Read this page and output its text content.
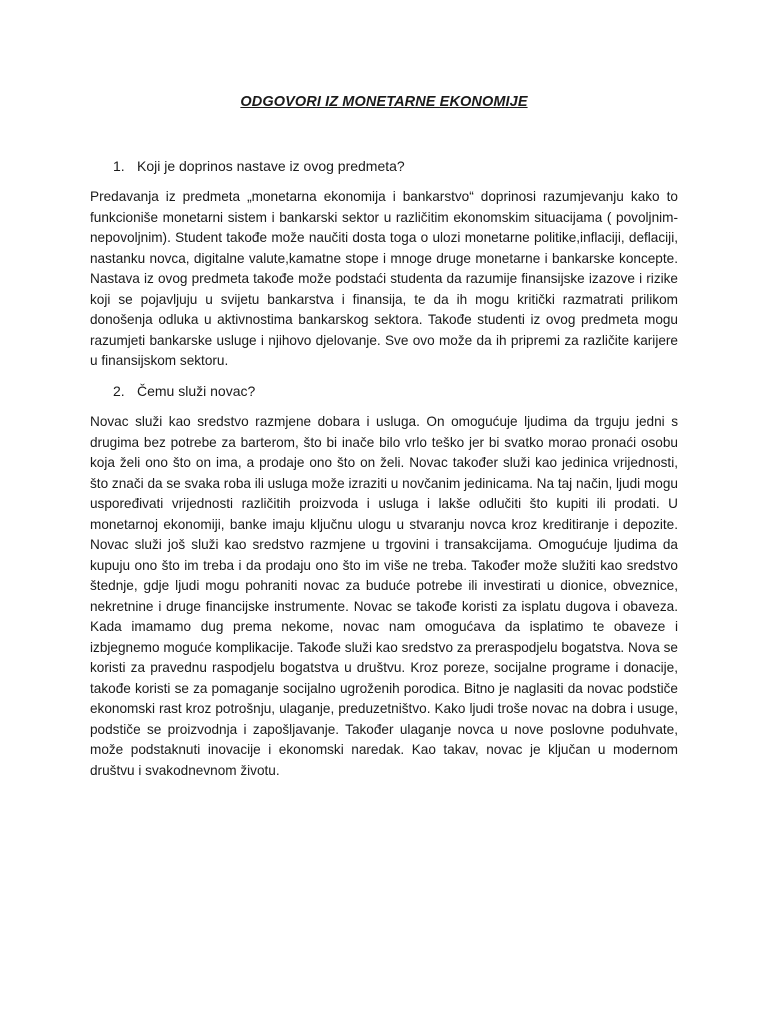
ODGOVORI IZ MONETARNE EKONOMIJE
1. Koji je doprinos nastave iz ovog predmeta?

Predavanja iz predmeta „monetarna ekonomija i bankarstvo“ doprinosi razumjevanju kako to funkcioniše monetarni sistem i bankarski sektor u različitim ekonomskim situacijama ( povoljnim-nepovoljnim). Student takođe može naučiti dosta toga o ulozi monetarne politike,inflaciji, deflaciji, nastanku novca, digitalne valute,kamatne stope i mnoge druge monetarne i bankarske koncepte. Nastava iz ovog predmeta takođe može podstaći studenta da razumije finansijske izazove i rizike koji se pojavljuju u svijetu bankarstva i finansija, te da ih mogu kritički razmatrati prilikom donošenja odluka u aktivnostima bankarskog sektora. Takođe studenti iz ovog predmeta mogu razumjeti bankarske usluge i njihovo djelovanje. Sve ovo može da ih pripremi za različite karijere u finansijskom sektoru.

2. Čemu služi novac?

Novac služi kao sredstvo razmjene dobara i usluga. On omogućuje ljudima da trguju jedni s drugima bez potrebe za barterom, što bi inače bilo vrlo teško jer bi svatko morao pronaći osobu koja želi ono što on ima, a prodaje ono što on želi. Novac također služi kao jedinica vrijednosti, što znači da se svaka roba ili usluga može izraziti u novčanim jedinicama. Na taj način, ljudi mogu uspoređivati vrijednosti različitih proizvoda i usluga i lakše odlučiti što kupiti ili prodati. U monetarnoj ekonomiji, banke imaju ključnu ulogu u stvaranju novca kroz kreditiranje i depozite. Novac služi još služi kao sredstvo razmjene u trgovini i transakcijama. Omogućuje ljudima da kupuju ono što im treba i da prodaju ono što im više ne treba. Također može služiti kao sredstvo štednje, gdje ljudi mogu pohraniti novac za buduće potrebe ili investirati u dionice, obveznice, nekretnine i druge financijske instrumente. Novac se takođe koristi za isplatu dugova i obaveza. Kada imamamo dug prema nekome, novac nam omogućava da isplatimo te obaveze i izbjegnemo moguće komplikacije. Takođe služi kao sredstvo za preraspodjelu bogatstva. Nova se koristi za pravednu raspodjelu bogatstva u društvu. Kroz poreze, socijalne programe i donacije, takođe koristi se za pomaganje socijalno ugroženih porodica. Bitno je naglasiti da novac podstiče ekonomski rast kroz potrošnju, ulaganje, preduzetništvo. Kako ljudi troše novac na dobra i usuge, podstiče se proizvodnja i zapošljavanje. Također ulaganje novca u nove poslovne poduhvate, može podstaknuti inovacije i ekonomski naredak. Kao takav, novac je ključan u modernom društvu i svakodnevnom životu.
